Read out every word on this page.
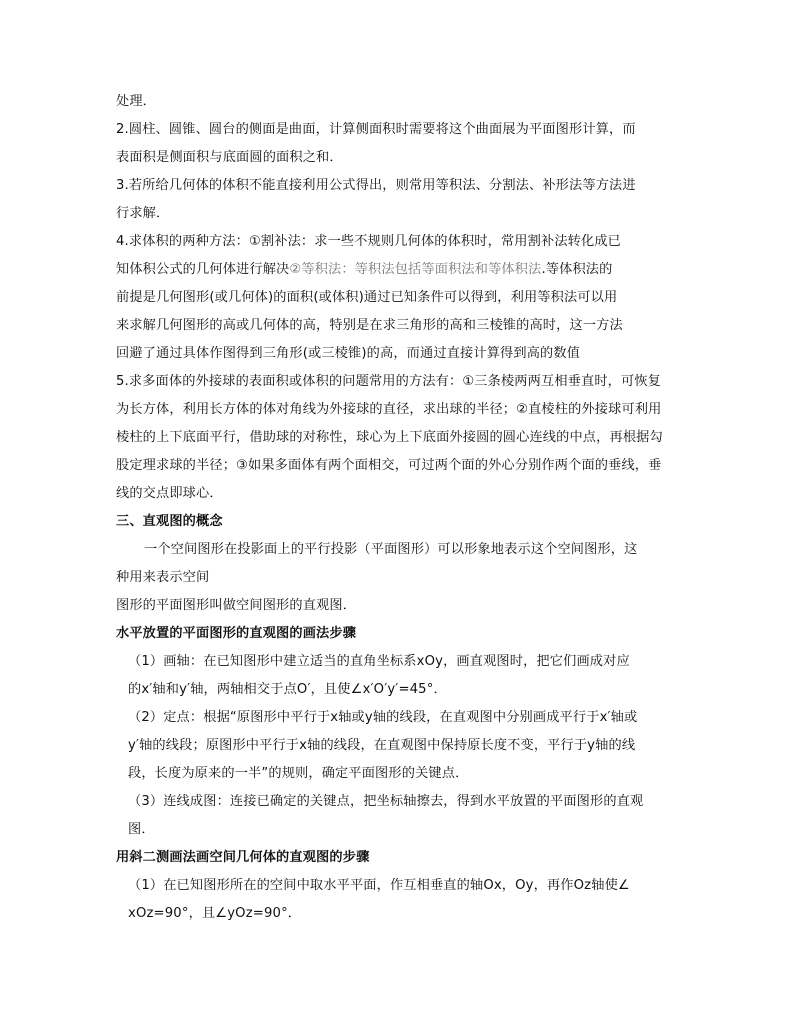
处理．
2.圆柱、圆锥、圆台的侧面是曲面，计算侧面积时需要将这个曲面展为平面图形计算，而
表面积是侧面积与底面圆的面积之和．
3.若所给几何体的体积不能直接利用公式得出，则常用等积法、分割法、补形法等方法进
行求解．
4.求体积的两种方法：①割补法：求一些不规则几何体的体积时，常用割补法转化成已
知体积公式的几何体进行解决②等积法：等积法包括等面积法和等体积法.等体积法的
前提是几何图形(或几何体)的面积(或体积)通过已知条件可以得到，利用等积法可以用
来求解几何图形的高或几何体的高，特别是在求三角形的高和三棱锥的高时，这一方法
回避了通过具体作图得到三角形(或三棱锥)的高，而通过直接计算得到高的数值
5.求多面体的外接球的表面积或体积的问题常用的方法有：①三条棱两两互相垂直时，可恢复
为长方体，利用长方体的体对角线为外接球的直径，求出球的半径；②直棱柱的外接球可利用
棱柱的上下底面平行，借助球的对称性，球心为上下底面外接圆的圆心连线的中点，再根据勾
股定理求球的半径；③如果多面体有两个面相交，可过两个面的外心分别作两个面的垂线，垂
线的交点即球心．
三、直观图的概念
一个空间图形在投影面上的平行投影（平面图形）可以形象地表示这个空间图形，这
种用来表示空间
图形的平面图形叫做空间图形的直观图．
水平放置的平面图形的直观图的画法步骤
（1）画轴：在已知图形中建立适当的直角坐标系xOy，画直观图时，把它们画成对应
的x′轴和y′轴，两轴相交于点O′，且使∠x′O′y′=45°．
（2）定点：根据“原图形中平行于x轴或y轴的线段，在直观图中分别画成平行于x′轴或
y′轴的线段；原图形中平行于x轴的线段，在直观图中保持原长度不变，平行于y轴的线
段，长度为原来的一半”的规则，确定平面图形的关键点．
（3）连线成图：连接已确定的关键点，把坐标轴擦去，得到水平放置的平面图形的直观
图．
用斜二测画法画空间几何体的直观图的步骤
（1）在已知图形所在的空间中取水平平面，作互相垂直的轴Ox，Oy，再作Oz轴使∠
xOz=90°，且∠yOz=90°．
